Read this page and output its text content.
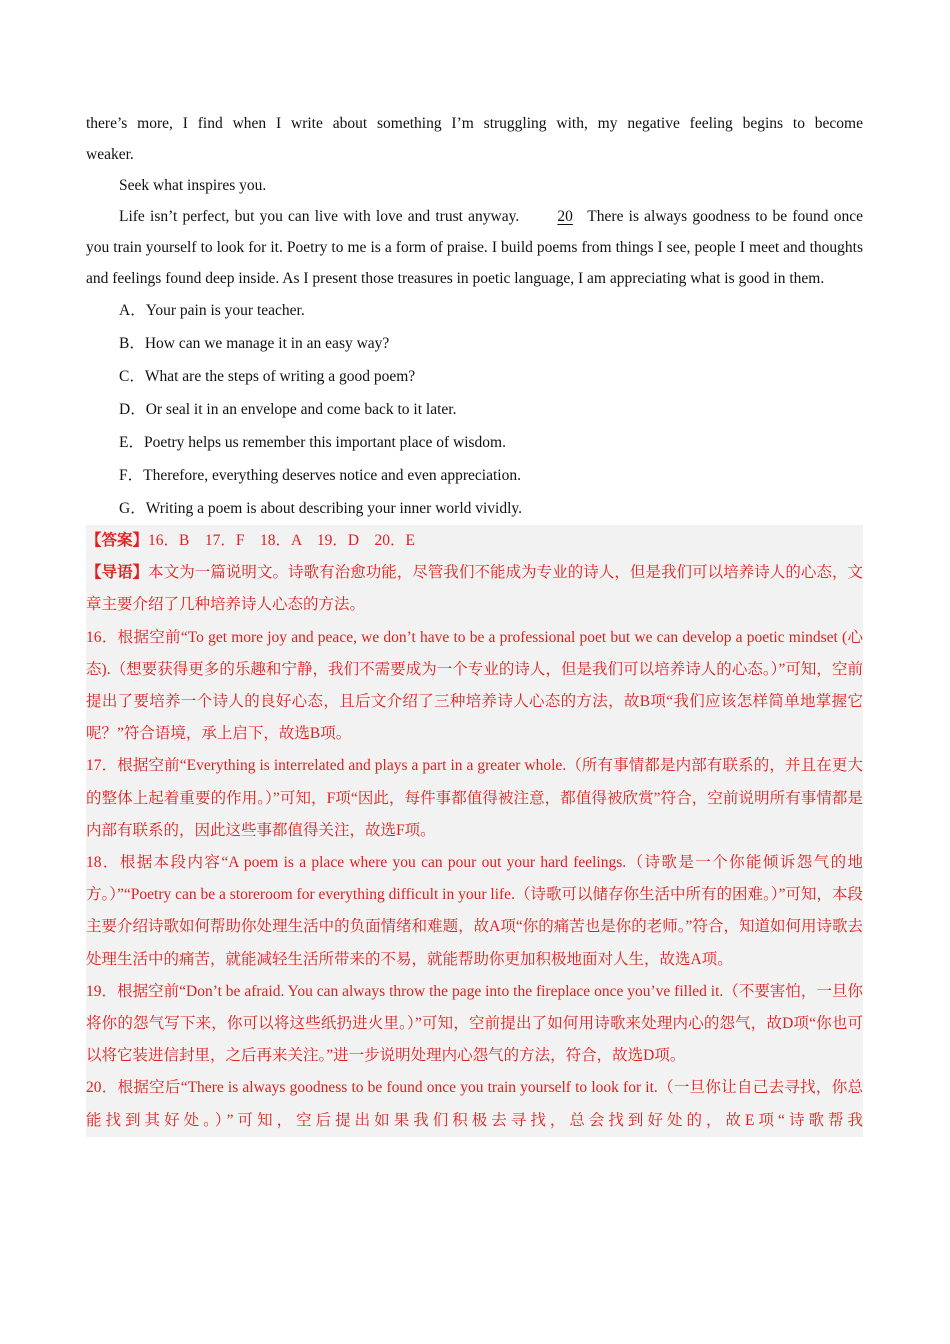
there’s more, I find when I write about something I’m struggling with, my negative feeling begins to become

weaker.

Seek what inspires you.

Life isn’t perfect, but you can live with love and trust anyway. 20 There is always goodness to be found once you train yourself to look for it. Poetry to me is a form of praise. I build poems from things I see, people I meet and thoughts and feelings found deep inside. As I present those treasures in poetic language, I am appreciating what is good in them.

A．Your pain is your teacher.

B．How can we manage it in an easy way?

C．What are the steps of writing a good poem?

D．Or seal it in an envelope and come back to it later.

E．Poetry helps us remember this important place of wisdom.

F．Therefore, everything deserves notice and even appreciation.

G．Writing a poem is about describing your inner world vividly.

【答案】16．B　17．F　18．A　19．D　20．E

【导语】本文为一篇说明文。诗歌有治愈功能，尽管我们不能成为专业的诗人，但是我们可以培养诗人的心态，文章主要介绍了几种培养诗人心态的方法。

16．根据空前“To get more joy and peace, we don’t have to be a professional poet but we can develop a poetic mindset (心态).（想要获得更多的乐趣和宁静，我们不需要成为一个专业的诗人，但是我们可以培养诗人的心态。）”可知，空前提出了要培养一个诗人的良好心态，且后文介绍了三种培养诗人心态的方法，故B项“我们应该怎样简单地掌握它呢？”符合语境，承上启下，故选B项。

17．根据空前“Everything is interrelated and plays a part in a greater whole.（所有事情都是内部有联系的，并且在更大的整体上起着重要的作用。）”可知，F项“因此，每件事都值得被注意，都值得被欣赏”符合，空前说明所有事情都是内部有联系的，因此这些事都值得关注，故选F项。

18．根据本段内容“A poem is a place where you can pour out your hard feelings.（诗歌是一个你能倾诉怨气的地方。）”“Poetry can be a storeroom for everything difficult in your life.（诗歌可以储存你生活中所有的困难。）”可知，本段主要介绍诗歌如何帮助你处理生活中的负面情绪和难题，故A项“你的痛苦也是你的老师。”符合，知道如何用诗歌去处理生活中的痛苦，就能减轻生活所带来的不易，就能帮助你更加积极地面对人生，故选A项。

19．根据空前“Don’t be afraid. You can always throw the page into the fireplace once you’ve filled it.（不要害怕，一旦你将你的怨气写下来，你可以将这些纸扔进火里。）”可知，空前提出了如何用诗歌来处理内心的怨气，故D项“你也可以将它装进信封里，之后再来关注。”进一步说明处理内心怨气的方法，符合，故选D项。

20．根据空后“There is always goodness to be found once you train yourself to look for it.（一旦你让自己去寻找，你总能找到其好处。）”可知，空后提出如果我们积极去寻找，总会找到好处的，故E项“诗歌帮我
